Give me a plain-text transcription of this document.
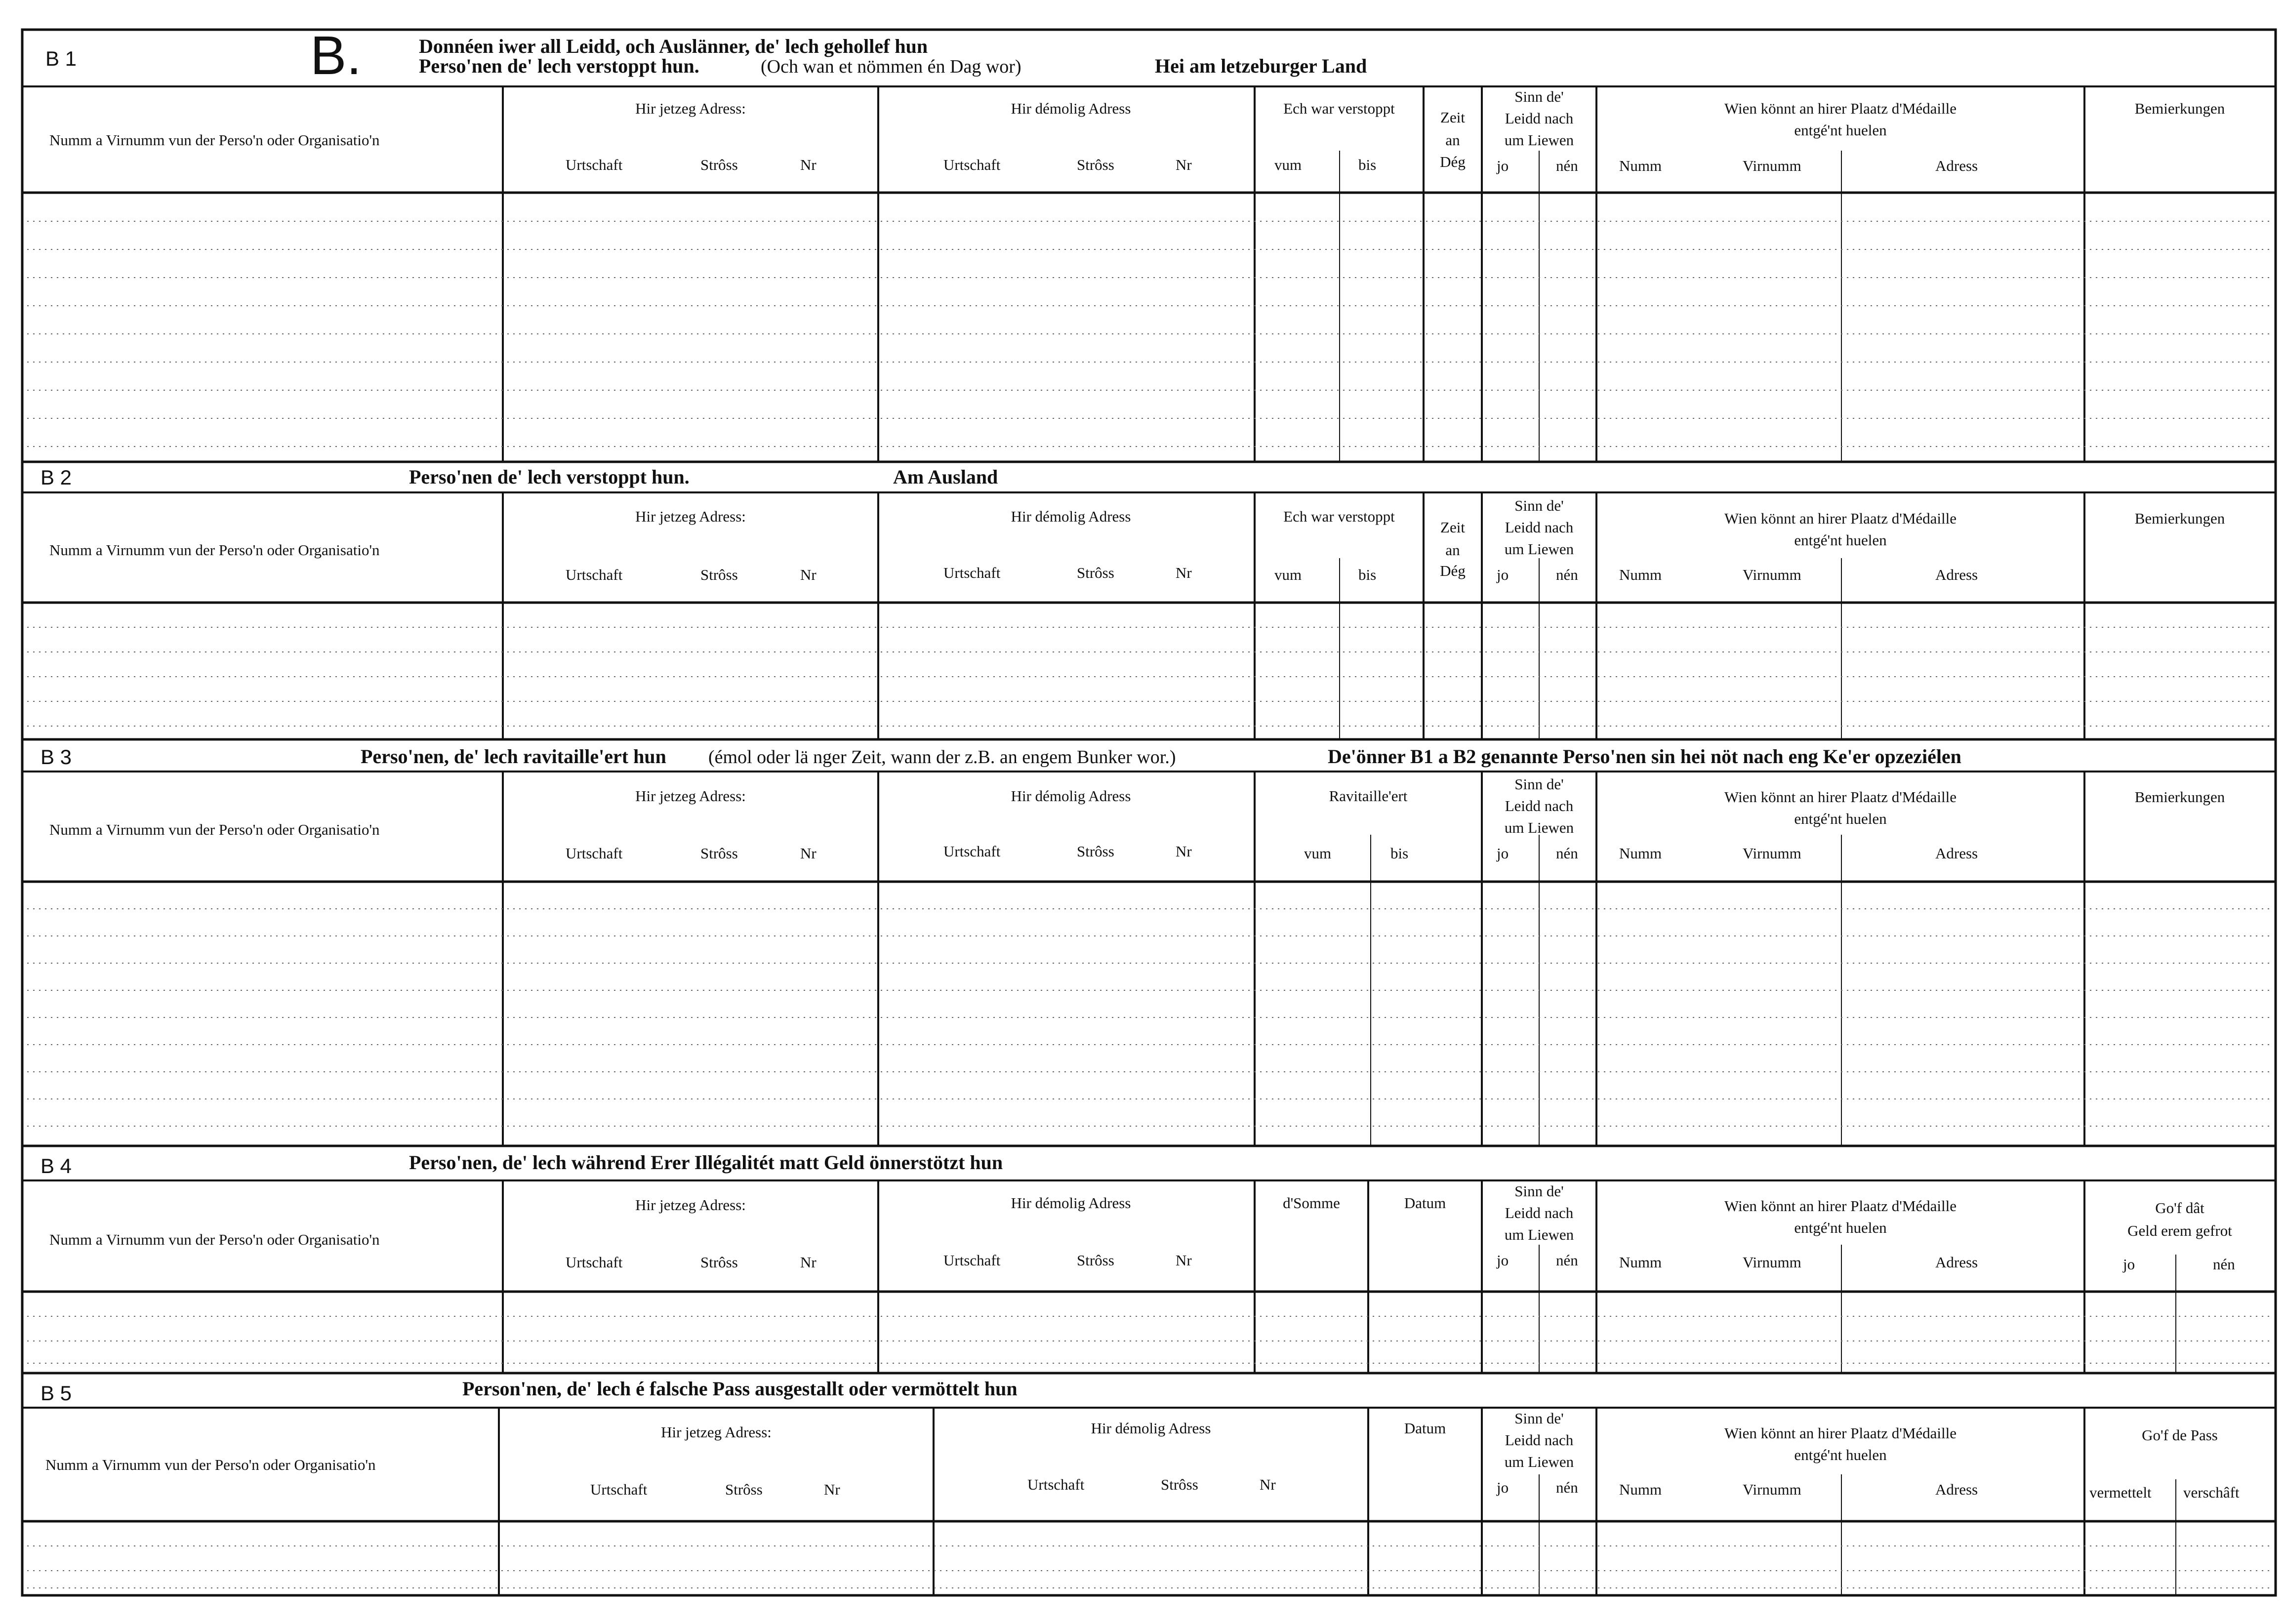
B 1	B.	Donnéen iwer all Leidd, och Auslänner, de' lech gehollef hun
Perso'nen de' lech verstoppt hun.	(Och wan et nömmen én Dag wor)	Hei am letzeburger Land
Numm a Virnumm vun der Perso'n oder Organisatio'n
Hir jetzeg Adress:
Urtschaft	Strôss	Nr
Hir démolig Adress
Urtschaft	Strôss	Nr
Ech war verstoppt
vum	bis
Zeit
an
Dég
Sinn de'
Leidd nach
um Liewen
jo	nén
Wien könnt an hirer Plaatz d'Médaille
entgé'nt huelen
Numm	Virnumm	Adress
Bemierkungen
B 2	Perso'nen de' lech verstoppt hun.	Am Ausland
Numm a Virnumm vun der Perso'n oder Organisatio'n
Hir jetzeg Adress:
Urtschaft	Strôss	Nr
Hir démolig Adress
Urtschaft	Strôss	Nr
Ech war verstoppt
vum	bis
Zeit
an
Dég
Sinn de'
Leidd nach
um Liewen
jo	nén
Wien könnt an hirer Plaatz d'Médaille
entgé'nt huelen
Numm	Virnumm	Adress
Bemierkungen
B 3	Perso'nen, de' lech ravitaille'ert hun (émol oder lä nger Zeit, wann der z.B. an engem Bunker wor.)	De'önner B1 a B2 genannte Perso'nen sin hei nöt nach eng Ke'er opzeziélen
Numm a Virnumm vun der Perso'n oder Organisatio'n
Hir jetzeg Adress:
Urtschaft	Strôss	Nr
Hir démolig Adress
Urtschaft	Strôss	Nr
Ravitaille'ert
vum	bis
Sinn de'
Leidd nach
um Liewen
jo	nén
Wien könnt an hirer Plaatz d'Médaille
entgé'nt huelen
Numm	Virnumm	Adress
Bemierkungen
B 4	Perso'nen, de' lech während Erer Illégalitét matt Geld önnerstötzt hun
Numm a Virnumm vun der Perso'n oder Organisatio'n
Hir jetzeg Adress:
Urtschaft	Strôss	Nr
Hir démolig Adress
Urtschaft	Strôss	Nr
d'Somme	Datum
Sinn de'
Leidd nach
um Liewen
jo	nén
Wien könnt an hirer Plaatz d'Médaille
entgé'nt huelen
Numm	Virnumm	Adress
Go'f dât
Geld erem gefrot
jo	nén
B 5	Person'nen, de' lech é falsche Pass ausgestallt oder vermöttelt hun
Numm a Virnumm vun der Perso'n oder Organisatio'n
Hir jetzeg Adress:
Urtschaft	Strôss	Nr
Hir démolig Adress
Urtschaft	Strôss	Nr
Datum
Sinn de'
Leidd nach
um Liewen
jo	nén
Wien könnt an hirer Plaatz d'Médaille
entgé'nt huelen
Numm	Virnumm	Adress
Go'f de Pass
vermettelt verschâft
